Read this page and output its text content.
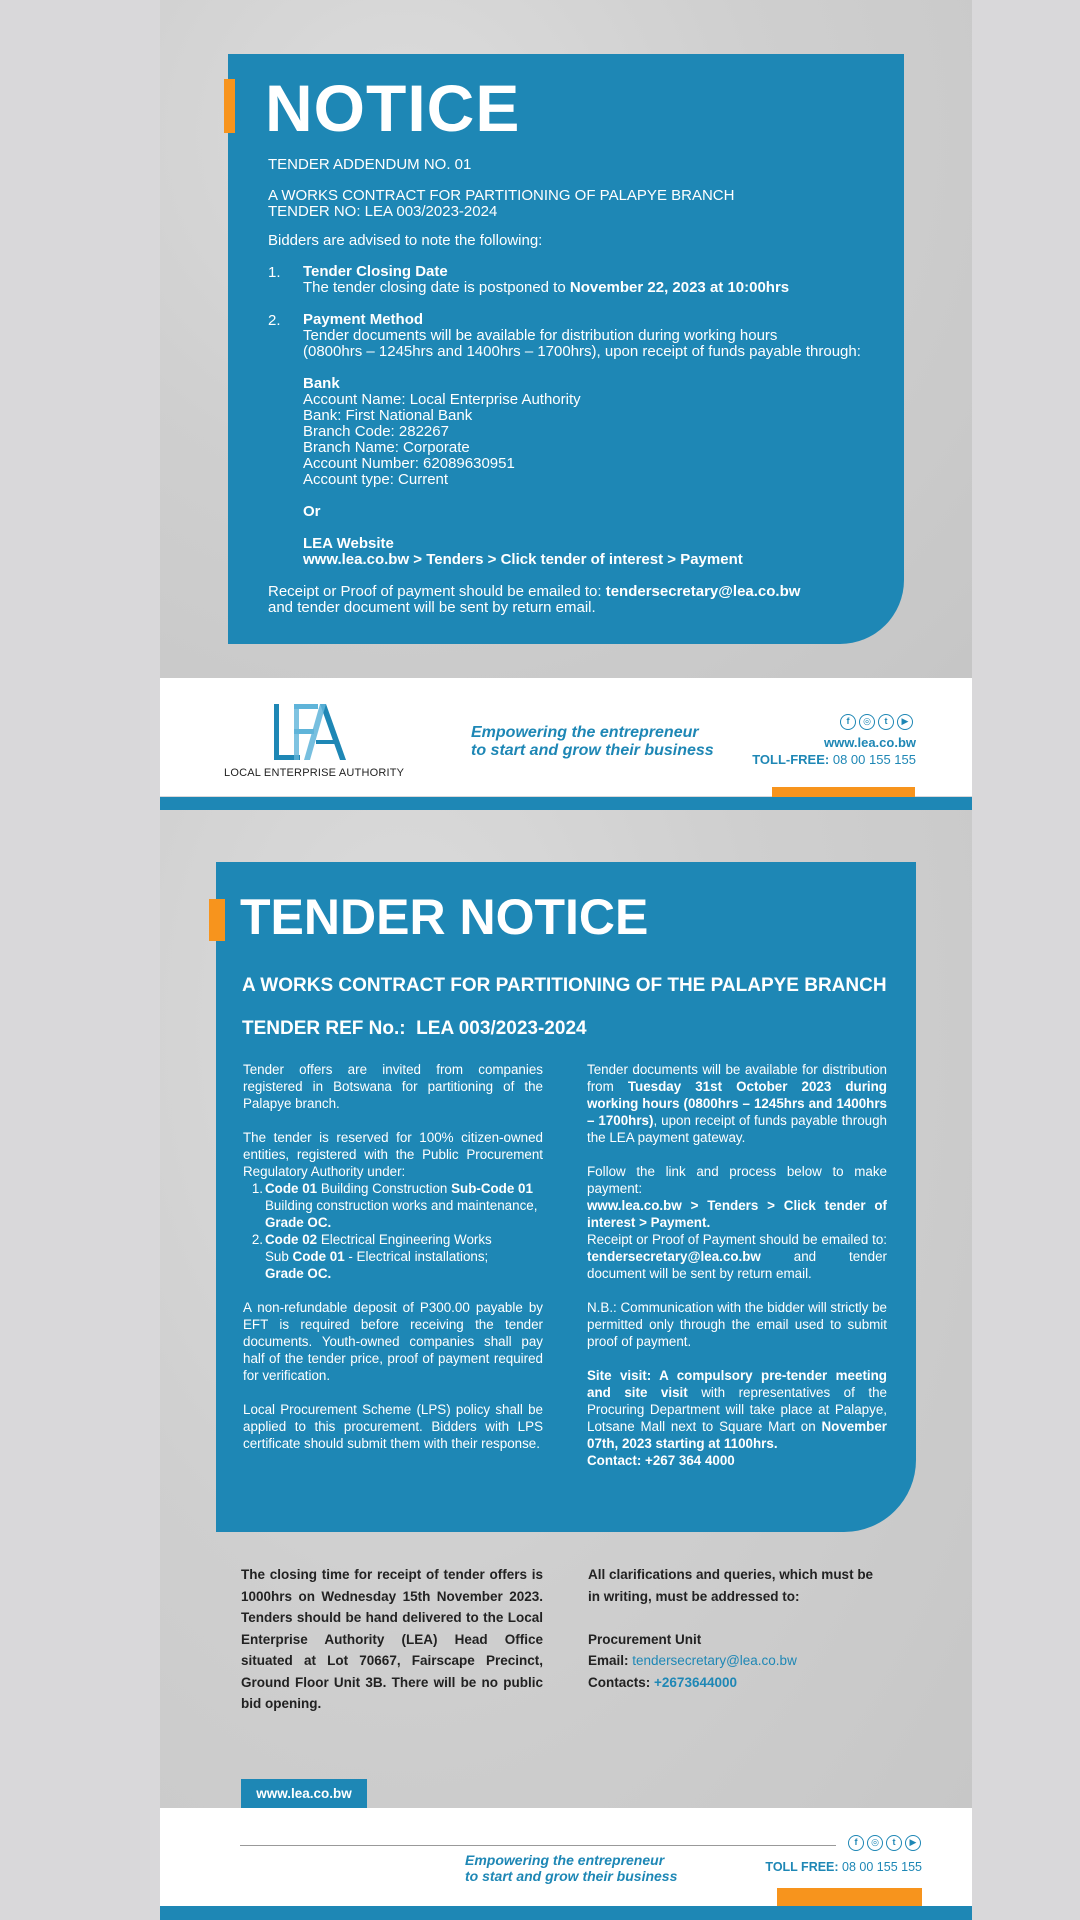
NOTICE
TENDER ADDENDUM NO. 01
A WORKS CONTRACT FOR PARTITIONING OF PALAPYE BRANCH
TENDER NO: LEA 003/2023-2024
Bidders are advised to note the following:
1. Tender Closing Date
The tender closing date is postponed to November 22, 2023 at 10:00hrs
2. Payment Method
Tender documents will be available for distribution during working hours
(0800hrs – 1245hrs and 1400hrs – 1700hrs), upon receipt of funds payable through:
Bank
Account Name: Local Enterprise Authority
Bank: First National Bank
Branch Code: 282267
Branch Name: Corporate
Account Number: 62089630951
Account type: Current
Or
LEA Website
www.lea.co.bw > Tenders > Click tender of interest > Payment
Receipt or Proof of payment should be emailed to: tendersecretary@lea.co.bw
and tender document will be sent by return email.
LOCAL ENTERPRISE AUTHORITY
Empowering the entrepreneur
to start and grow their business
f	◎	t	▶
www.lea.co.bw
TOLL-FREE: 08 00 155 155
TENDER NOTICE
A WORKS CONTRACT FOR PARTITIONING OF THE PALAPYE BRANCH
TENDER REF No.:  LEA 003/2023-2024

Tender offers are invited from companies registered in Botswana for partitioning of the Palapye branch.

The tender is reserved for 100% citizen-owned entities, registered with the Public Procurement Regulatory Authority under:

1. Code 01 Building Construction Sub-Code 01 Building construction works and maintenance,
Grade OC.
2. Code 02 Electrical Engineering Works
Sub Code 01 - Electrical installations;
Grade OC.

A non-refundable deposit of P300.00 payable by EFT is required before receiving the tender documents. Youth-owned companies shall pay half of the tender price, proof of payment required for verification.

Local Procurement Scheme (LPS) policy shall be applied to this procurement. Bidders with LPS certificate should submit them with their response.

Tender documents will be available for distribution from Tuesday 31st October 2023 during working hours (0800hrs – 1245hrs and 1400hrs – 1700hrs), upon receipt of funds payable through the LEA payment gateway.

Follow the link and process below to make payment:
www.lea.co.bw > Tenders > Click tender of interest > Payment.
Receipt or Proof of Payment should be emailed to: tendersecretary@lea.co.bw and tender document will be sent by return email.

N.B.: Communication with the bidder will strictly be permitted only through the email used to submit proof of payment.

Site visit: A compulsory pre-tender meeting and site visit with representatives of the Procuring Department will take place at Palapye, Lotsane Mall next to Square Mart on November 07th, 2023 starting at 1100hrs.
Contact: +267 364 4000

The closing time for receipt of tender offers is 1000hrs on Wednesday 15th November 2023. Tenders should be hand delivered to the Local Enterprise Authority (LEA) Head Office situated at Lot 70667, Fairscape Precinct, Ground Floor Unit 3B. There will be no public bid opening.
All clarifications and queries, which must be in writing, must be addressed to:
Procurement Unit
Email: tendersecretary@lea.co.bw
Contacts: +2673644000
www.lea.co.bw
f	◎	t	▶
Empowering the entrepreneur
to start and grow their business
TOLL FREE: 08 00 155 155
